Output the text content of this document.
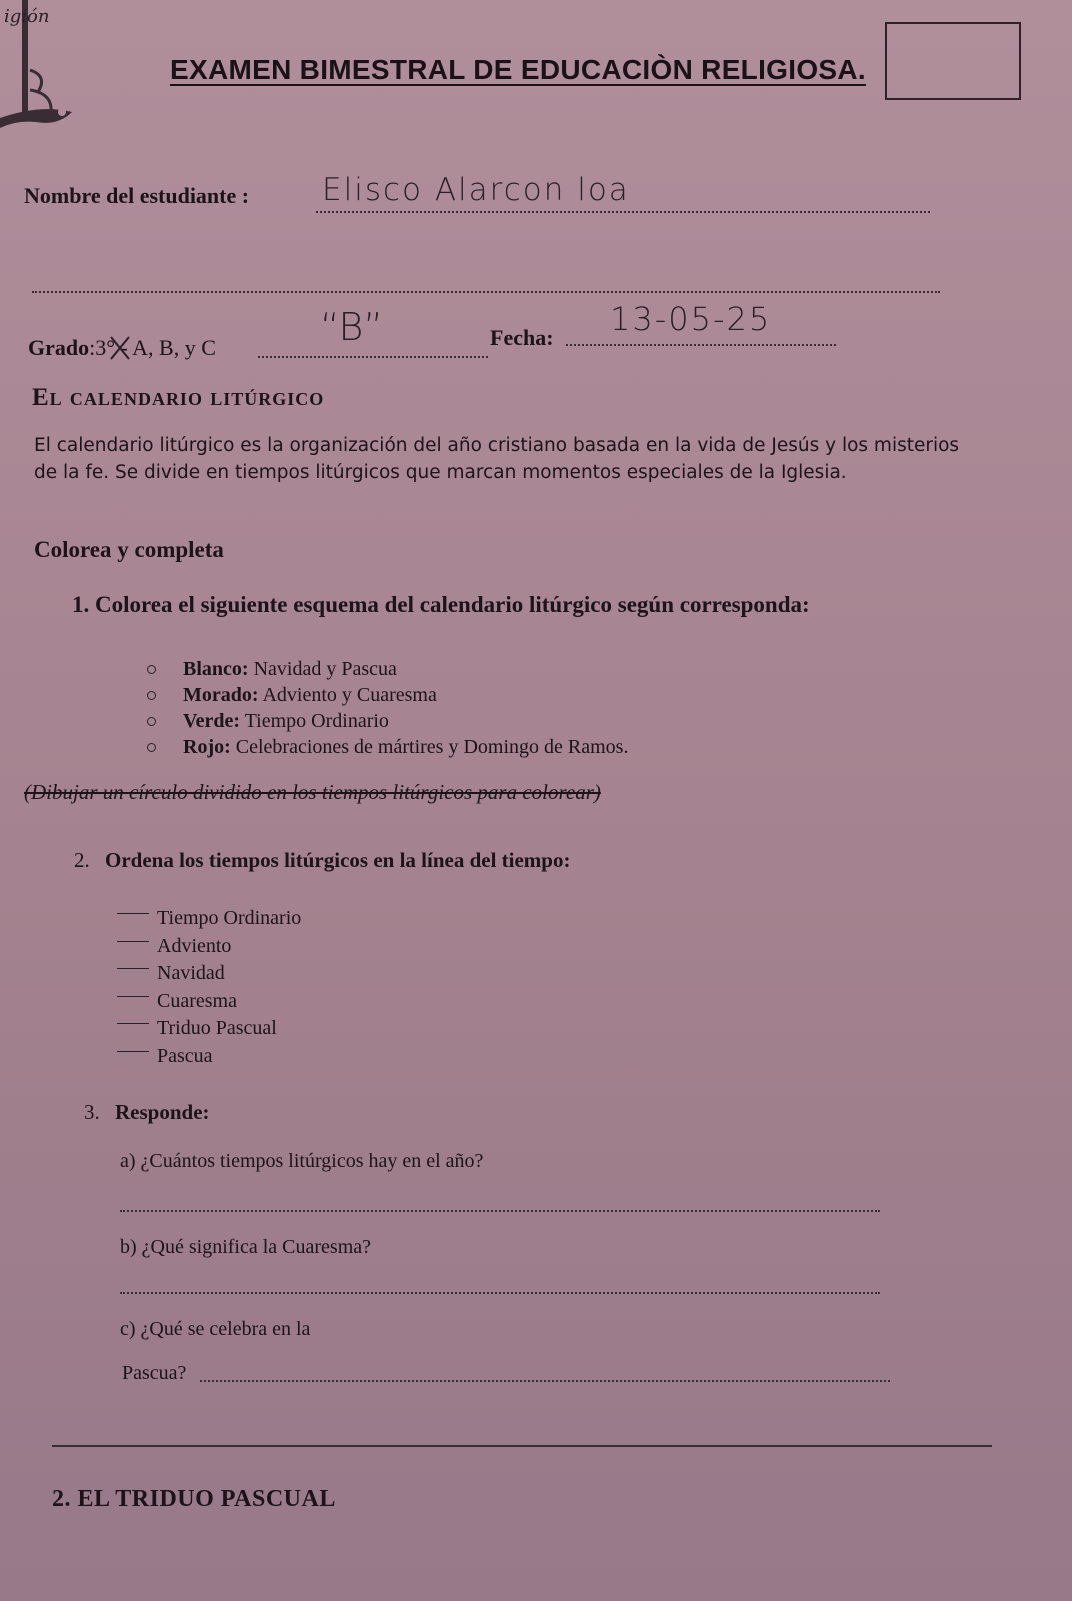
igión
EXAMEN BIMESTRAL DE EDUCACIÒN RELIGIOSA.
Nombre del estudiante : Elisco Alarcon loa
Grado:3° - A, B, y C	“B”	Fecha: 13-05-25
El calendario litúrgico
El calendario litúrgico es la organización del año cristiano basada en la vida de Jesús y los misterios de la fe. Se divide en tiempos litúrgicos que marcan momentos especiales de la Iglesia.
Colorea y completa
1. Colorea el siguiente esquema del calendario litúrgico según corresponda:
Blanco: Navidad y Pascua
Morado: Adviento y Cuaresma
Verde: Tiempo Ordinario
Rojo: Celebraciones de mártires y Domingo de Ramos.
(Dibujar un círculo dividido en los tiempos litúrgicos para colorear)
2. Ordena los tiempos litúrgicos en la línea del tiempo:
Tiempo Ordinario
Adviento
Navidad
Cuaresma
Triduo Pascual
Pascua
3. Responde:
a) ¿Cuántos tiempos litúrgicos hay en el año?
b) ¿Qué significa la Cuaresma?
c) ¿Qué se celebra en la
Pascua?
2. EL TRIDUO PASCUAL
